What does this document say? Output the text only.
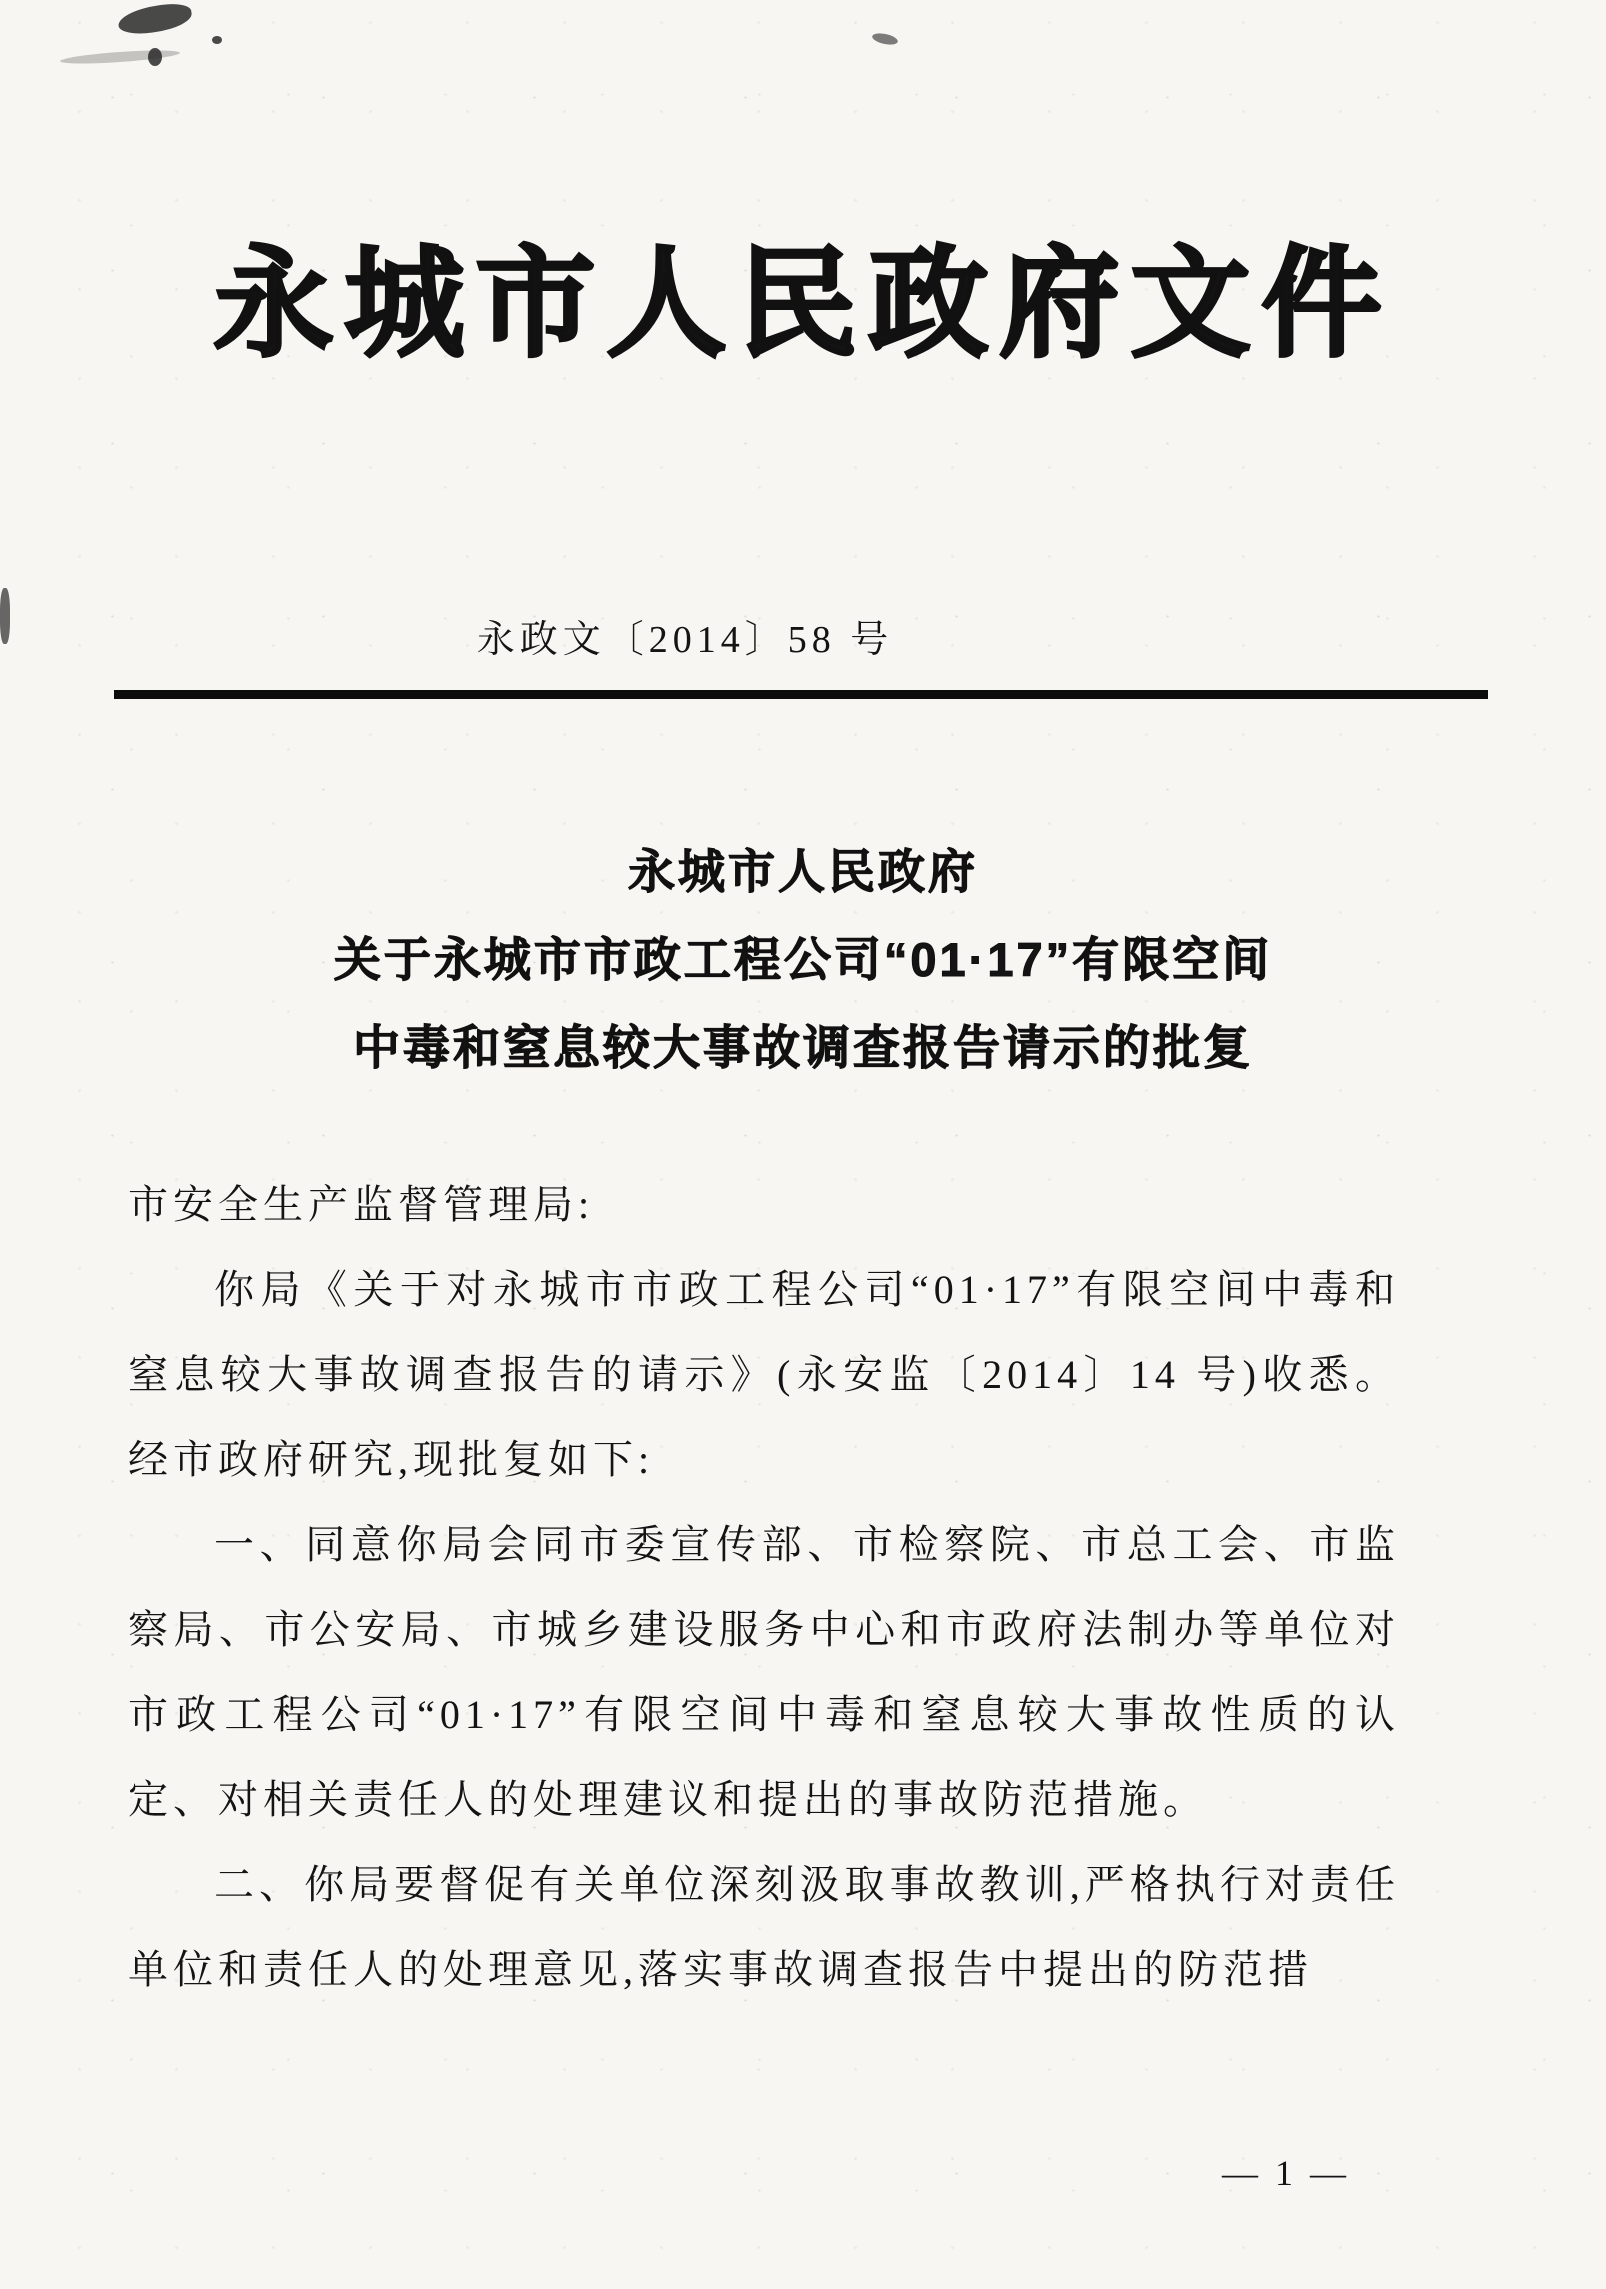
永城市人民政府文件
永政文〔2014〕58 号
永城市人民政府
关于永城市市政工程公司“01·17”有限空间
中毒和窒息较大事故调查报告请示的批复

市安全生产监督管理局:

你局《关于对永城市市政工程公司“01·17”有限空间中毒和窒息较大事故调查报告的请示》(永安监〔2014〕14 号)收悉。经市政府研究,现批复如下:

一、同意你局会同市委宣传部、市检察院、市总工会、市监察局、市公安局、市城乡建设服务中心和市政府法制办等单位对市政工程公司“01·17”有限空间中毒和窒息较大事故性质的认定、对相关责任人的处理建议和提出的事故防范措施。

二、你局要督促有关单位深刻汲取事故教训,严格执行对责任单位和责任人的处理意见,落实事故调查报告中提出的防范措

— 1 —
